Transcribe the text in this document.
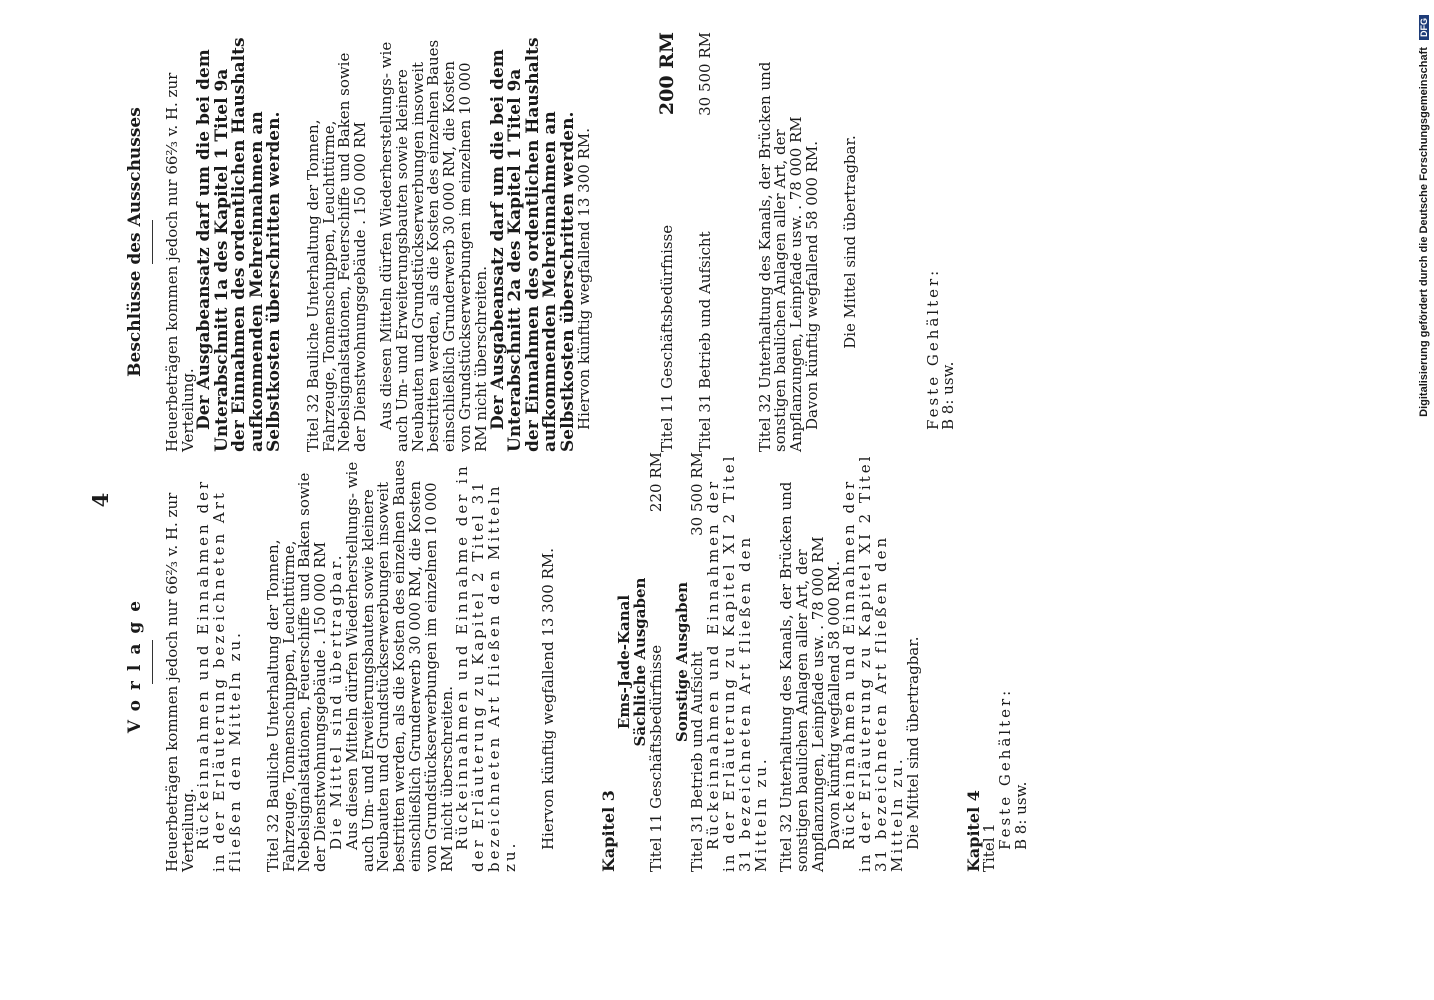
4
Vorlage Heuerbeträgen kommen jedoch nur 66²⁄₃ v. H. zur Verteilung.

Rückeinnahmen und Einnahmen der in der Erläuterung bezeichneten Art fließen den Mitteln zu. Titel 32 Bauliche Unterhaltung der Tonnen, Fahrzeuge, Tonnenschuppen, Leuchttürme, Nebelsignalstationen, Feuerschiffe und Baken sowie der Dienstwohnungsgebäude . 150 000 RM

Die Mittel sind übertragbar.

Aus diesen Mitteln dürfen Wiederherstellungs- wie auch Um- und Erweiterungsbauten sowie kleinere Neubauten und Grundstückserwerbungen insoweit bestritten werden, als die Kosten des einzelnen Baues einschließlich Grunderwerb 30 000 RM, die Kosten von Grundstückserwerbungen im einzelnen 10 000 RM nicht überschreiten.

Rückeinnahmen und Einnahme der in der Erläuterung zu Kapitel 2 Titel 31 bezeichneten Art fließen den Mitteln zu.

Hiervon künftig wegfallend 13 300 RM.	Kapitel 3

Ems-Jade-Kanal

Sächliche Ausgaben

Titel 11 Geschäftsbedürfnisse
220 RM

Sonstige Ausgaben

Titel 31 Betrieb und Aufsicht
30 500 RM

Rückeinnahmen und Einnahmen der in der Erläuterung zu Kapitel XI 2 Titel 31 bezeichneten Art fließen den Mitteln zu. Titel 32 Unterhaltung des Kanals, der Brücken und sonstigen baulichen Anlagen aller Art, der Anpflanzungen, Leinpfade usw. . 78 000 RM

Davon künftig wegfallend 58 000 RM.

Rückeinnahmen und Einnahmen der in der Erläuterung zu Kapitel XI 2 Titel 31 bezeichneten Art fließen den Mitteln zu.

Die Mittel sind übertragbar.	Kapitel 4

Titel 1

Feste Gehälter:

B 8: usw.

Beschlüsse des Ausschusses Heuerbeträgen kommen jedoch nur 66²⁄₃ v. H. zur Verteilung.

Der Ausgabeansatz darf um die bei dem Unterabschnitt 1a des Kapitel 1 Titel 9a der Einnahmen des ordentlichen Haushalts aufkommenden Mehreinnahmen an Selbstkosten überschritten werden. Titel 32 Bauliche Unterhaltung der Tonnen, Fahrzeuge, Tonnenschuppen, Leuchttürme, Nebelsignalstationen, Feuerschiffe und Baken sowie der Dienstwohnungsgebäude . 150 000 RM Aus diesen Mitteln dürfen Wiederherstellungs- wie auch Um- und Erweiterungsbauten sowie kleinere Neubauten und Grundstückserwerbungen insoweit bestritten werden, als die Kosten des einzelnen Baues einschließlich Grunderwerb 30 000 RM, die Kosten von Grundstückserwerbungen im einzelnen 10 000 RM nicht überschreiten.

Der Ausgabeansatz darf um die bei dem Unterabschnitt 2a des Kapitel 1 Titel 9a der Einnahmen des ordentlichen Haushalts aufkommenden Mehreinnahmen an Selbstkosten überschritten werden.

Hiervon künftig wegfallend 13 300 RM.	Titel 11 Geschäftsbedürfnisse
200 RM
Titel 31 Betrieb und Aufsicht
30 500 RM	Titel 32 Unterhaltung des Kanals, der Brücken und sonstigen baulichen Anlagen aller Art, der Anpflanzungen, Leinpfade usw. . 78 000 RM

Davon künftig wegfallend 58 000 RM. Die Mittel sind übertragbar.

Feste Gehälter:

B 8: usw.	Digitalisierung gefördert durch die Deutsche Forschungsgemeinschaft DFG
